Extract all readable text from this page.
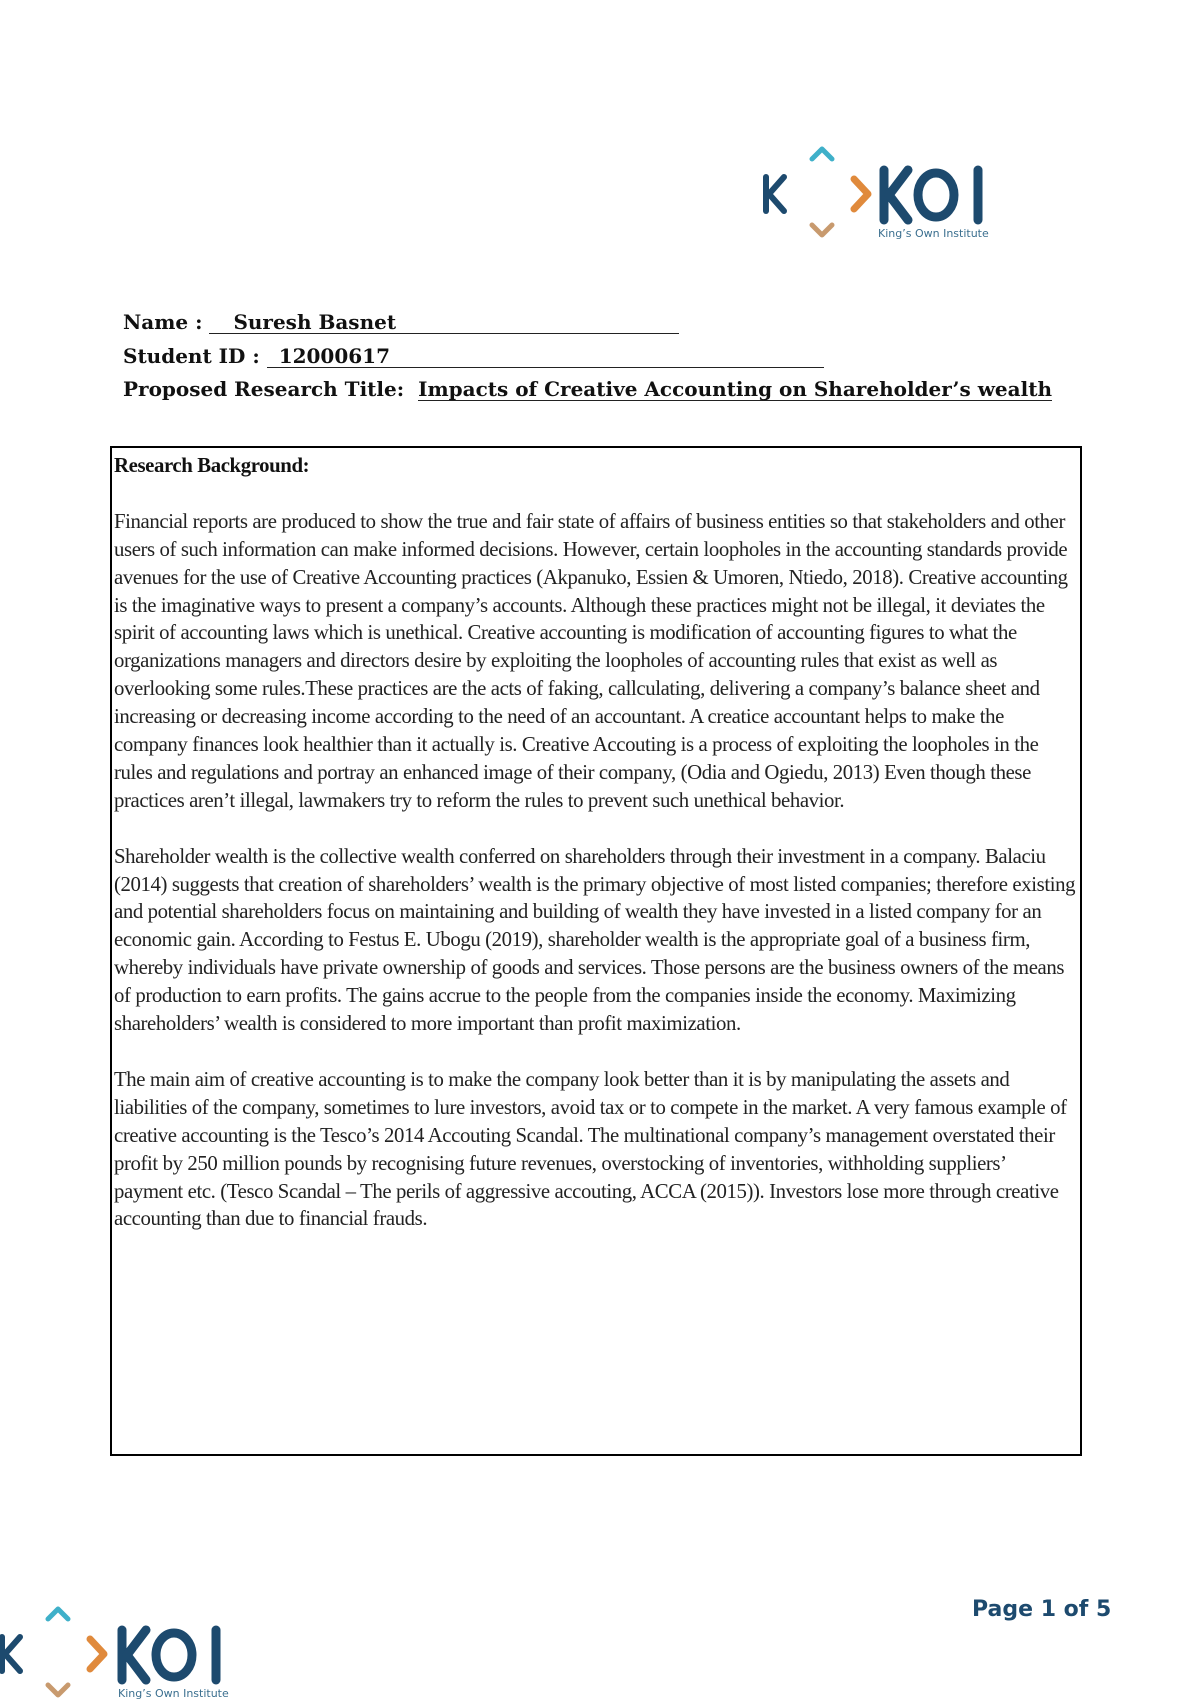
King’s Own Institute
Name : Suresh Basnet
Student ID : 12000617
Proposed Research Title: Impacts of Creative Accounting on Shareholder’s wealth
Research Background:

Financial reports are produced to show the true and fair state of affairs of business entities so that stakeholders and other users of such information can make informed decisions. However, certain loopholes in the accounting standards provide avenues for the use of Creative Accounting practices (Akpanuko, Essien & Umoren, Ntiedo, 2018). Creative accounting is the imaginative ways to present a company’s accounts. Although these practices might not be illegal, it deviates the spirit of accounting laws which is unethical. Creative accounting is modification of accounting figures to what the organizations managers and directors desire by exploiting the loopholes of accounting rules that exist as well as overlooking some rules.These practices are the acts of faking, callculating, delivering a company’s balance sheet and increasing or decreasing income according to the need of an accountant. A creatice accountant helps to make the company finances look healthier than it actually is. Creative Accouting is a process of exploiting the loopholes in the rules and regulations and portray an enhanced image of their company, (Odia and Ogiedu, 2013) Even though these practices aren’t illegal, lawmakers try to reform the rules to prevent such unethical behavior.

Shareholder wealth is the collective wealth conferred on shareholders through their investment in a company. Balaciu (2014) suggests that creation of shareholders’ wealth is the primary objective of most listed companies; therefore existing and potential shareholders focus on maintaining and building of wealth they have invested in a listed company for an economic gain. According to Festus E. Ubogu (2019), shareholder wealth is the appropriate goal of a business firm, whereby individuals have private ownership of goods and services. Those persons are the business owners of the means of production to earn profits. The gains accrue to the people from the companies inside the economy. Maximizing shareholders’ wealth is considered to more important than profit maximization.

The main aim of creative accounting is to make the company look better than it is by manipulating the assets and liabilities of the company, sometimes to lure investors, avoid tax or to compete in the market. A very famous example of creative accounting is the Tesco’s 2014 Accouting Scandal. The multinational company’s management overstated their profit by 250 million pounds by recognising future revenues, overstocking of inventories, withholding suppliers’ payment etc. (Tesco Scandal – The perils of aggressive accouting, ACCA (2015)). Investors lose more through creative accounting than due to financial frauds.

Page 1 of 5
King’s Own Institute
